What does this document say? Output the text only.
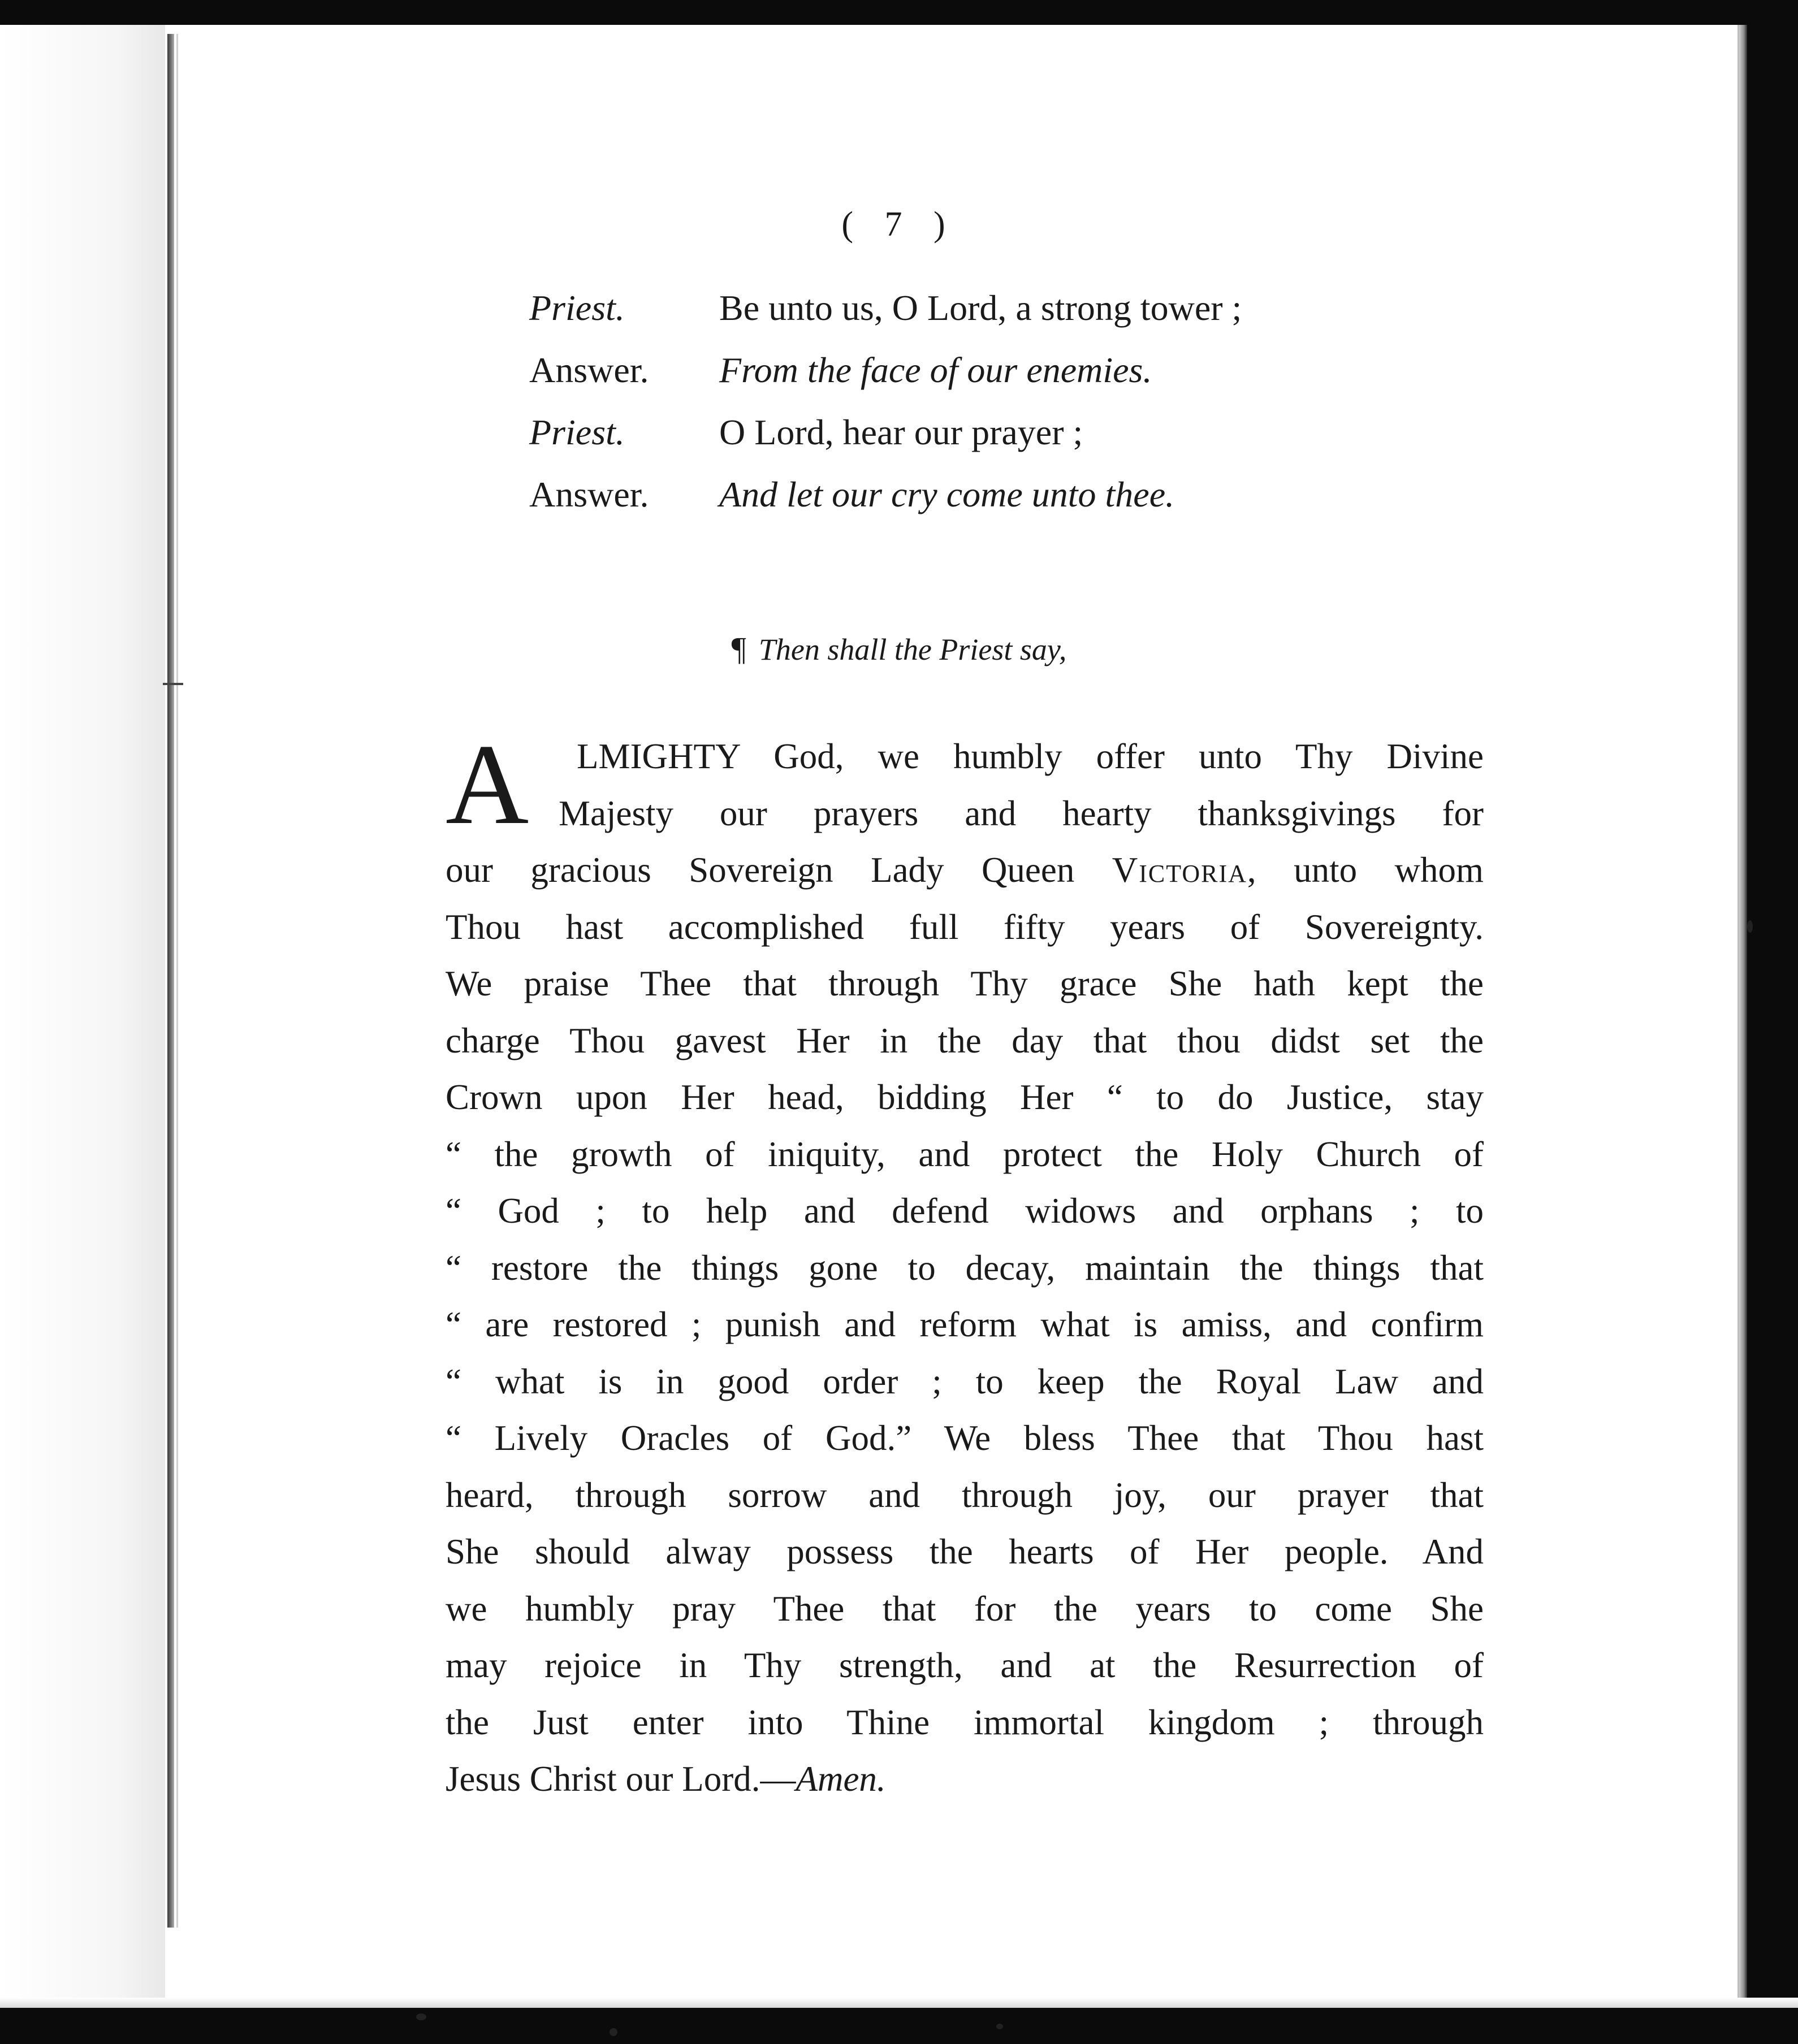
( 7 )
Priest.	Be unto us, O Lord, a strong tower ;
Answer. From the face of our enemies.
Priest.	O Lord, hear our prayer ;
Answer. And let our cry come unto thee.
¶ Then shall the Priest say,
A	LMIGHTY God, we humbly offer unto Thy Divine
Majesty our prayers and hearty thanksgivings for
our gracious Sovereign Lady Queen Victoria, unto whom
Thou hast accomplished full fifty years of Sovereignty.
We praise Thee that through Thy grace She hath kept the
charge Thou gavest Her in the day that thou didst set the
Crown upon Her head, bidding Her “ to do Justice, stay
“ the growth of iniquity, and protect the Holy Church of
“ God ; to help and defend widows and orphans ; to
“ restore the things gone to decay, maintain the things that
“ are restored ; punish and reform what is amiss, and confirm
“ what is in good order ; to keep the Royal Law and
“ Lively Oracles of God.” We bless Thee that Thou hast
heard, through sorrow and through joy, our prayer that
She should alway possess the hearts of Her people. And
we humbly pray Thee that for the years to come She
may rejoice in Thy strength, and at the Resurrection of
the Just enter into Thine immortal kingdom ; through
Jesus Christ our Lord.—Amen.
